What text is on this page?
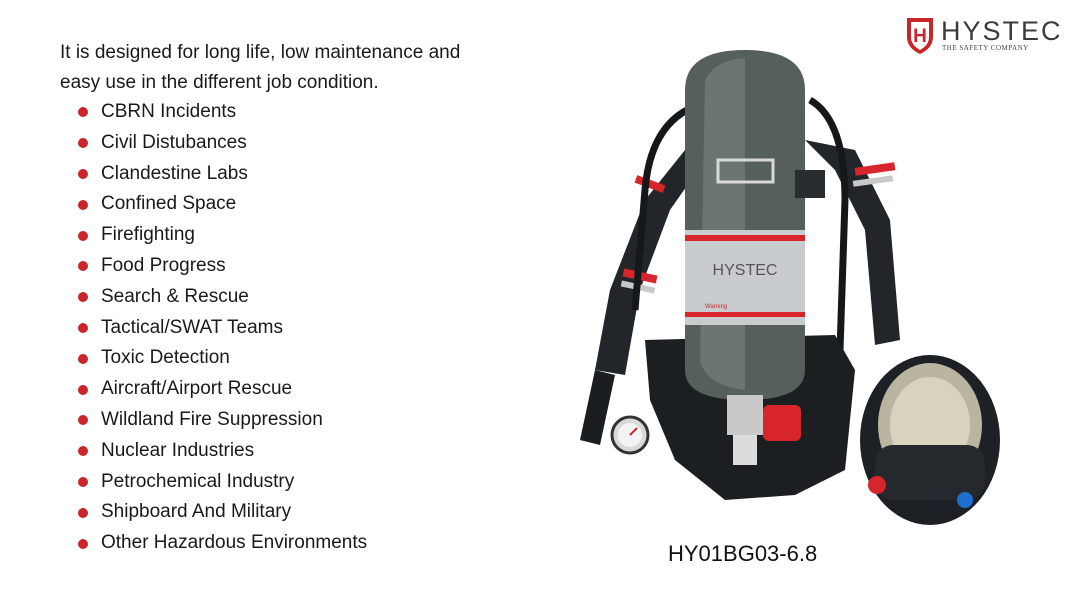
It is designed for long life, low maintenance and easy use in the different job condition.

CBRN Incidents
Civil Distubances
Clandestine Labs
Confined Space
Firefighting
Food Progress
Search & Rescue
Tactical/SWAT Teams
Toxic Detection
Aircraft/Airport Rescue
Wildland Fire Suppression
Nuclear Industries
Petrochemical Industry
Shipboard And Military
Other Hazardous Environments
H HYSTEC
THE SAFETY COMPANY
HYSTEC
Warning
HY01BG03-6.8
